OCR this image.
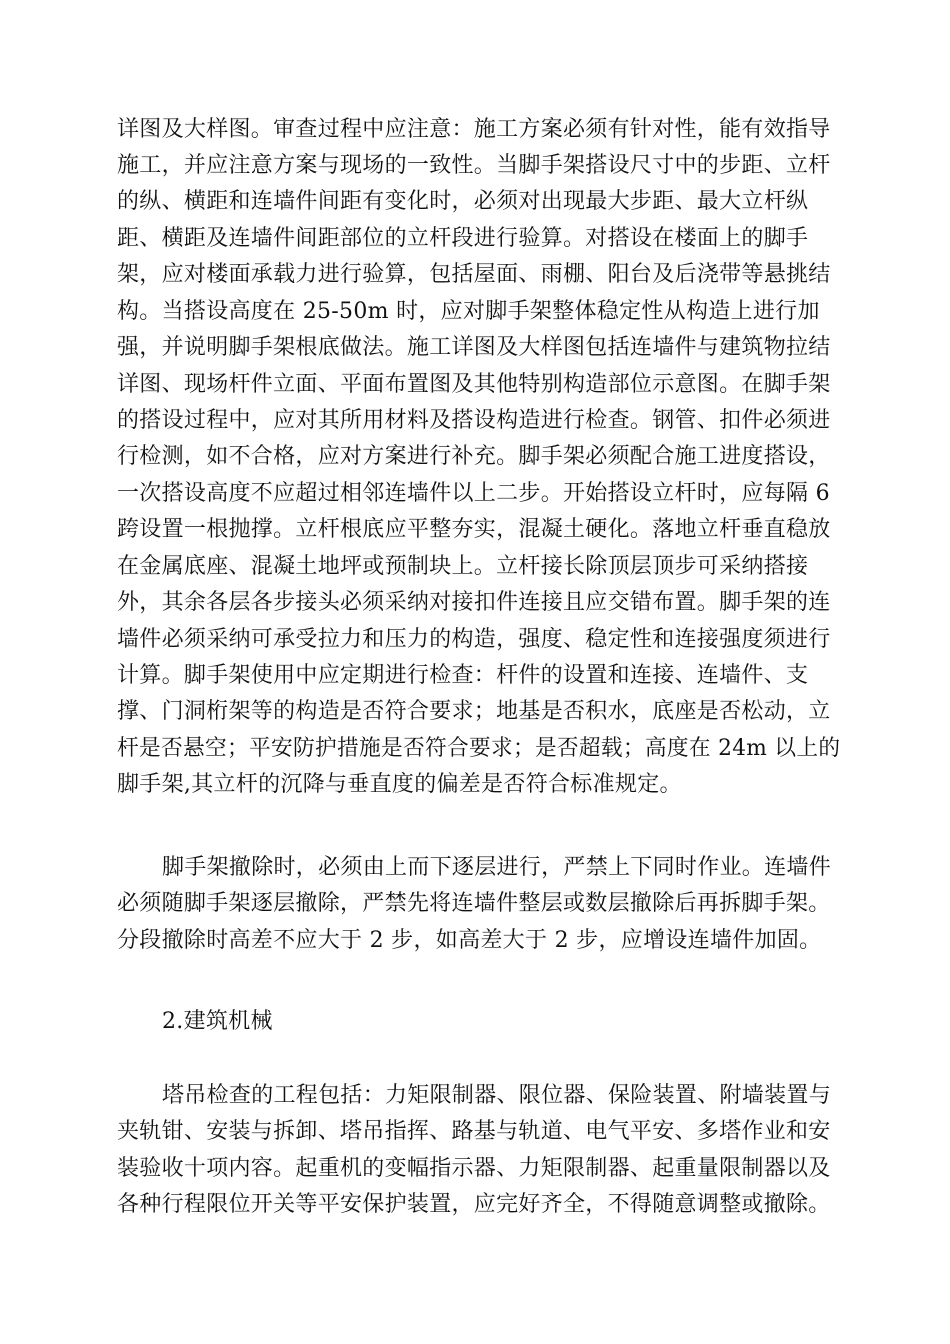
详图及大样图。审查过程中应注意：施工方案必须有针对性，能有效指导
施工，并应注意方案与现场的一致性。当脚手架搭设尺寸中的步距、立杆
的纵、横距和连墙件间距有变化时，必须对出现最大步距、最大立杆纵
距、横距及连墙件间距部位的立杆段进行验算。对搭设在楼面上的脚手
架，应对楼面承载力进行验算，包括屋面、雨棚、阳台及后浇带等悬挑结
构。当搭设高度在 25-50m 时，应对脚手架整体稳定性从构造上进行加
强，并说明脚手架根底做法。施工详图及大样图包括连墙件与建筑物拉结
详图、现场杆件立面、平面布置图及其他特别构造部位示意图。在脚手架
的搭设过程中，应对其所用材料及搭设构造进行检查。钢管、扣件必须进
行检测，如不合格，应对方案进行补充。脚手架必须配合施工进度搭设，
一次搭设高度不应超过相邻连墙件以上二步。开始搭设立杆时，应每隔 6
跨设置一根抛撑。立杆根底应平整夯实，混凝土硬化。落地立杆垂直稳放
在金属底座、混凝土地坪或预制块上。立杆接长除顶层顶步可采纳搭接
外，其余各层各步接头必须采纳对接扣件连接且应交错布置。脚手架的连
墙件必须采纳可承受拉力和压力的构造，强度、稳定性和连接强度须进行
计算。脚手架使用中应定期进行检查：杆件的设置和连接、连墙件、支
撑、门洞桁架等的构造是否符合要求；地基是否积水，底座是否松动，立
杆是否悬空；平安防护措施是否符合要求；是否超载；高度在 24m 以上的
脚手架,其立杆的沉降与垂直度的偏差是否符合标准规定。
脚手架撤除时，必须由上而下逐层进行，严禁上下同时作业。连墙件
必须随脚手架逐层撤除，严禁先将连墙件整层或数层撤除后再拆脚手架。
分段撤除时高差不应大于 2 步，如高差大于 2 步，应增设连墙件加固。
2.建筑机械
塔吊检查的工程包括：力矩限制器、限位器、保险装置、附墙装置与
夹轨钳、安装与拆卸、塔吊指挥、路基与轨道、电气平安、多塔作业和安
装验收十项内容。起重机的变幅指示器、力矩限制器、起重量限制器以及
各种行程限位开关等平安保护装置，应完好齐全，不得随意调整或撤除。
